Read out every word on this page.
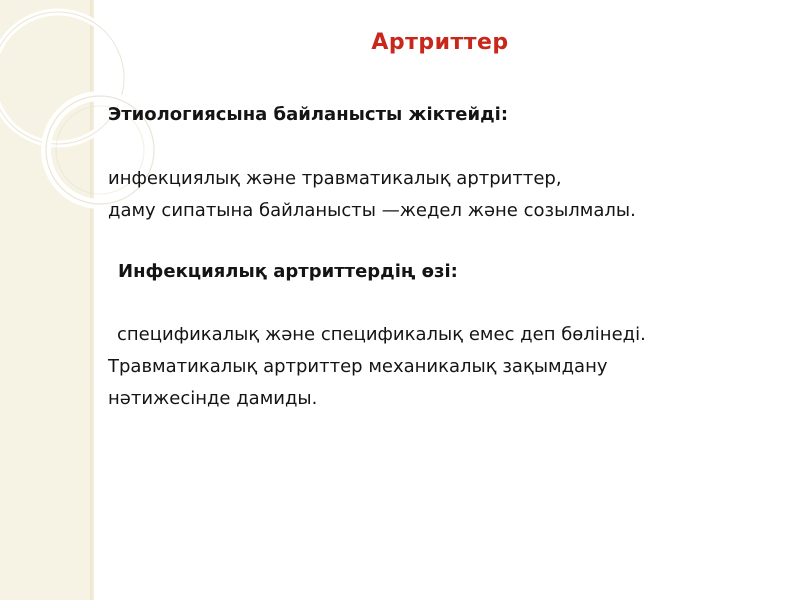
Артриттер
Этиологиясына байланысты жіктейді:
инфекциялық және травматикалық артриттер,
даму сипатына байланысты —жедел және созылмалы.
Инфекциялық артриттердің өзі:
спецификалық және спецификалық емес деп бөлінеді.
Травматикалық артриттер механикалық зақымдану
нәтижесінде дамиды.
